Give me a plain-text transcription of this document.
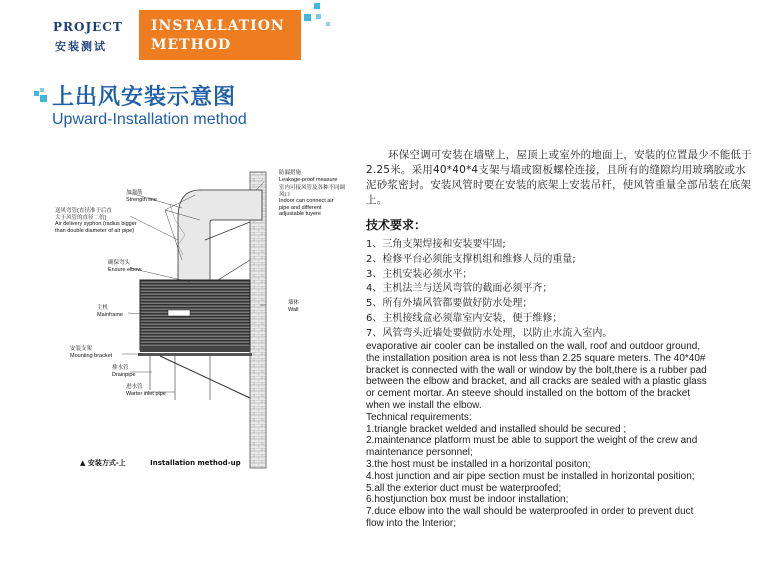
PROJECT
安装测试
INSTALLATION
METHOD
上出风安装示意图
Upward-Installation method
防漏措施
Leakage-proof measure
室内可接风管及各种不同调
风口
Indoor can connect air
pipe and different
adjustable tuyere
加强筋
Strength line
送风弯管(直径准于后直
大于风管的直径二倍)
Air delivery syphon (radius bigger
than double diameter of air pipe)
确保弯头
Ensure elbow
主机
Mainframe
墙体
Wall
安装支架
Mounting bracket
排水管
Drainpipe
进水管
Warter inlet pipe
▲ 安装方式-上	Installation method-up
环保空调可安装在墙壁上，屋顶上或室外的地面上，安装的位置最少不能低于2.25米。采用40*40*4支架与墙或窗板螺栓连接，且所有的缝隙均用玻璃胶或水泥砂浆密封。安装风管时要在安装的底架上安装吊杆，使风管重量全部吊装在底架上。
技术要求：
1、三角支架焊接和安装要牢固;
2、检修平台必须能支撑机组和维修人员的重量;
3、主机安装必须水平；
4、主机法兰与送风弯管的截面必须平齐；
5、所有外墙风管都要做好防水处理；
6、主机接线盒必须靠室内安装，便于维修；
7、风管弯头近墙处要做防水处理，以防止水流入室内。

evaporative air cooler can be installed on the wall, roof and outdoor ground,

the installation position area is not less than 2.25 square meters. The 40*40#

bracket is connected with the wall or window by the bolt,there is a rubber pad

between the elbow and bracket, and all cracks are sealed with a plastic glass

or cement mortar. An steeve should installed on the bottom of the bracket

when we install the elbow.

Technical requirements:

1.triangle bracket welded and installed should be secured ;

2.maintenance platform must be able to support the weight of the crew and

maintenance personnel;

3.the host must be installed in a horizontal positon;

4.host junction and air pipe section must be installed in horizontal position;

5.all the exterior duct must be waterproofed;

6.hostjunction box must be indoor installation;

7.duce elbow into the wall should be waterproofed in order to prevent duct

flow into the Interior;
